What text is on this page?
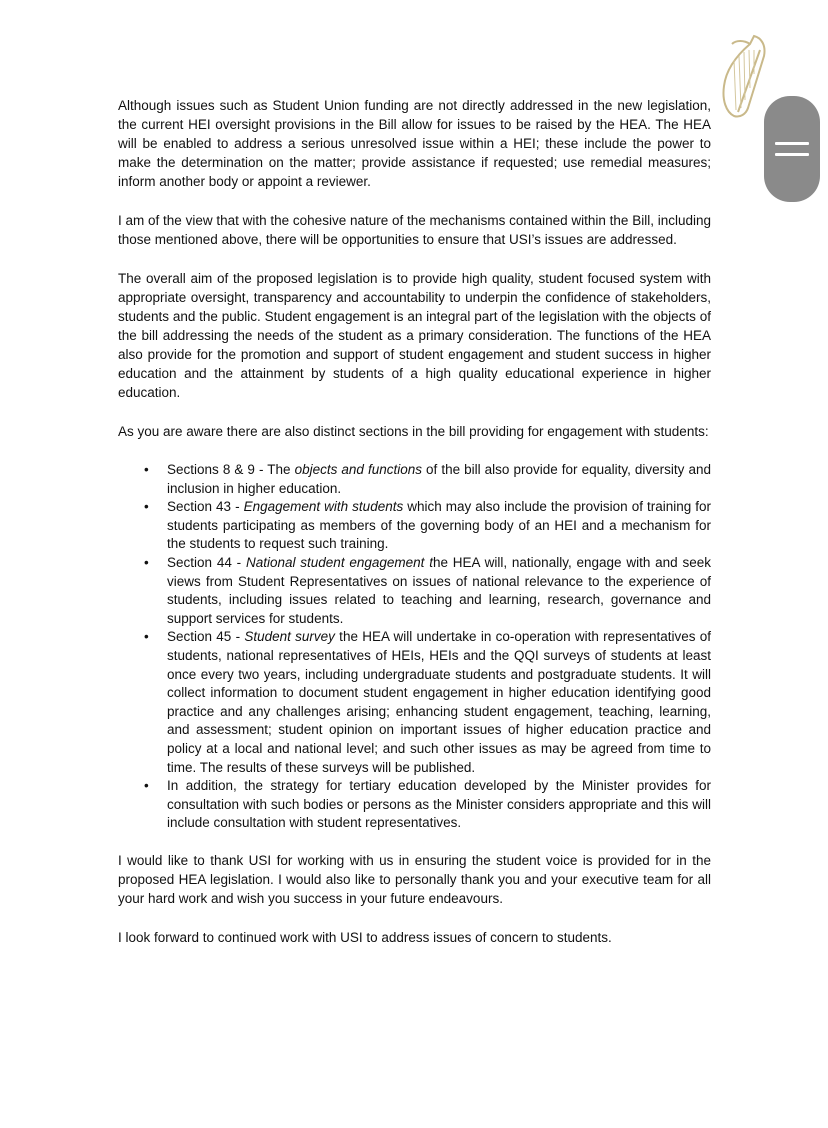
Although issues such as Student Union funding are not directly addressed in the new legislation, the current HEI oversight provisions in the Bill allow for issues to be raised by the HEA. The HEA will be enabled to address a serious unresolved issue within a HEI; these include the power to make the determination on the matter; provide assistance if requested; use remedial measures; inform another body or appoint a reviewer.

I am of the view that with the cohesive nature of the mechanisms contained within the Bill, including those mentioned above, there will be opportunities to ensure that USI’s issues are addressed.

The overall aim of the proposed legislation is to provide high quality, student focused system with appropriate oversight, transparency and accountability to underpin the confidence of stakeholders, students and the public. Student engagement is an integral part of the legislation with the objects of the bill addressing the needs of the student as a primary consideration. The functions of the HEA also provide for the promotion and support of student engagement and student success in higher education and the attainment by students of a high quality educational experience in higher education.

As you are aware there are also distinct sections in the bill providing for engagement with students:

• Sections 8 & 9 - The objects and functions of the bill also provide for equality, diversity and inclusion in higher education.
• Section 43 - Engagement with students which may also include the provision of training for students participating as members of the governing body of an HEI and a mechanism for the students to request such training.
• Section 44 - National student engagement the HEA will, nationally, engage with and seek views from Student Representatives on issues of national relevance to the experience of students, including issues related to teaching and learning, research, governance and support services for students.
• Section 45 - Student survey the HEA will undertake in co-operation with representatives of students, national representatives of HEIs, HEIs and the QQI surveys of students at least once every two years, including undergraduate students and postgraduate students. It will collect information to document student engagement in higher education identifying good practice and any challenges arising; enhancing student engagement, teaching, learning, and assessment; student opinion on important issues of higher education practice and policy at a local and national level; and such other issues as may be agreed from time to time. The results of these surveys will be published.
• In addition, the strategy for tertiary education developed by the Minister provides for consultation with such bodies or persons as the Minister considers appropriate and this will include consultation with student representatives.

I would like to thank USI for working with us in ensuring the student voice is provided for in the proposed HEA legislation. I would also like to personally thank you and your executive team for all your hard work and wish you success in your future endeavours.

I look forward to continued work with USI to address issues of concern to students.
